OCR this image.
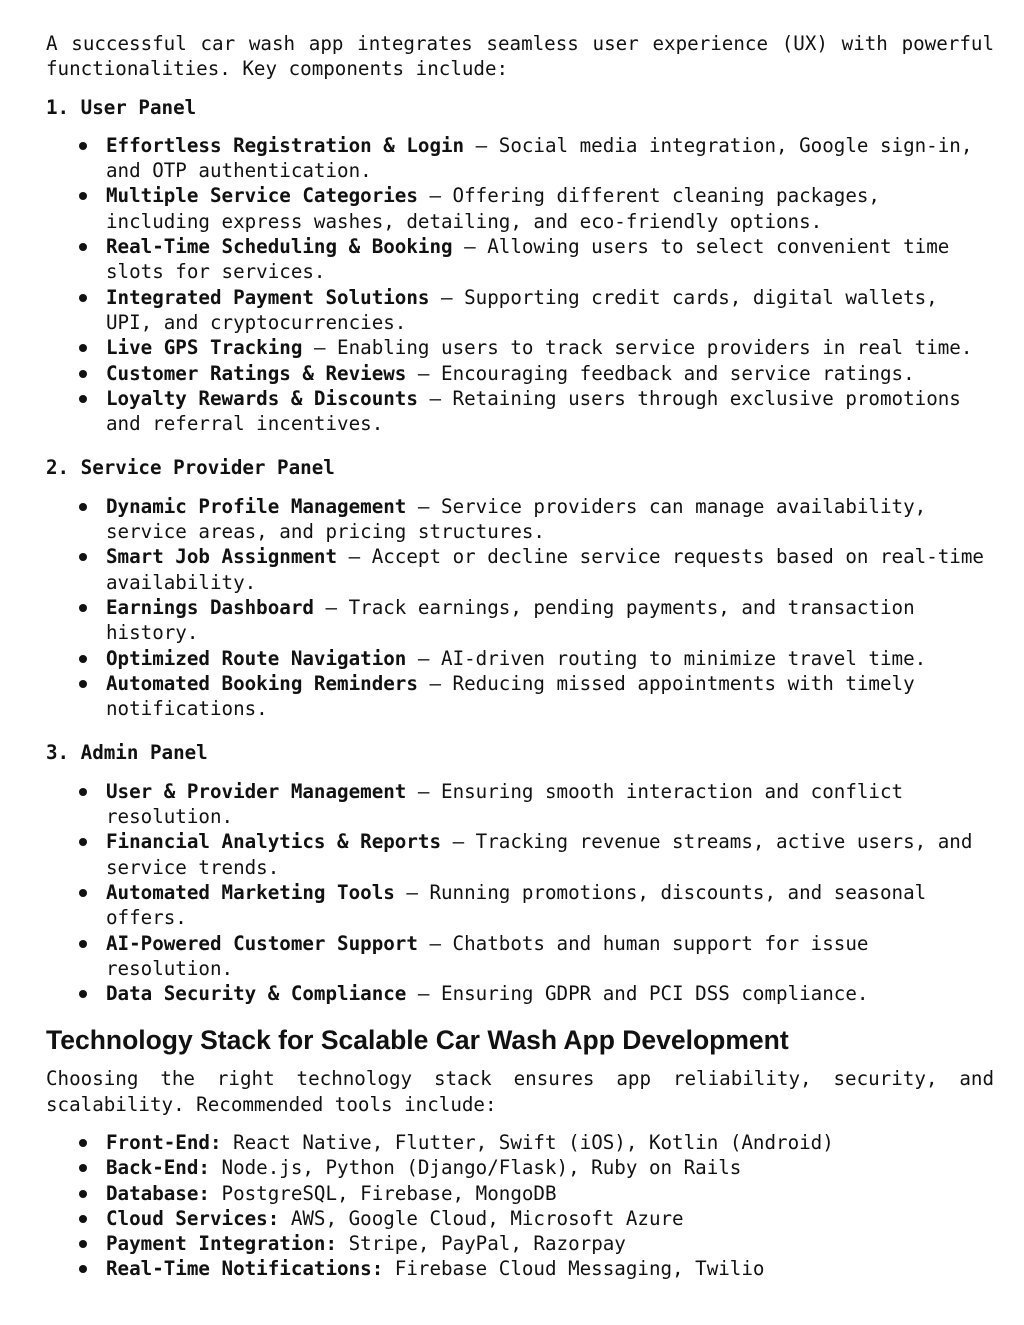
A successful car wash app integrates seamless user experience (UX) with powerful functionalities. Key components include:

1. User Panel
Effortless Registration & Login – Social media integration, Google sign-in, and OTP authentication.
Multiple Service Categories – Offering different cleaning packages, including express washes, detailing, and eco-friendly options.
Real-Time Scheduling & Booking – Allowing users to select convenient time slots for services.
Integrated Payment Solutions – Supporting credit cards, digital wallets, UPI, and cryptocurrencies.
Live GPS Tracking – Enabling users to track service providers in real time.
Customer Ratings & Reviews – Encouraging feedback and service ratings.
Loyalty Rewards & Discounts – Retaining users through exclusive promotions and referral incentives.
2. Service Provider Panel
Dynamic Profile Management – Service providers can manage availability, service areas, and pricing structures.
Smart Job Assignment – Accept or decline service requests based on real-time availability.
Earnings Dashboard – Track earnings, pending payments, and transaction history.
Optimized Route Navigation – AI-driven routing to minimize travel time.
Automated Booking Reminders – Reducing missed appointments with timely notifications.
3. Admin Panel
User & Provider Management – Ensuring smooth interaction and conflict resolution.
Financial Analytics & Reports – Tracking revenue streams, active users, and service trends.
Automated Marketing Tools – Running promotions, discounts, and seasonal offers.
AI-Powered Customer Support – Chatbots and human support for issue resolution.
Data Security & Compliance – Ensuring GDPR and PCI DSS compliance.
Technology Stack for Scalable Car Wash App Development

Choosing the right technology stack ensures app reliability, security, and scalability. Recommended tools include:

Front-End: React Native, Flutter, Swift (iOS), Kotlin (Android)
Back-End: Node.js, Python (Django/Flask), Ruby on Rails
Database: PostgreSQL, Firebase, MongoDB
Cloud Services: AWS, Google Cloud, Microsoft Azure
Payment Integration: Stripe, PayPal, Razorpay
Real-Time Notifications: Firebase Cloud Messaging, Twilio
